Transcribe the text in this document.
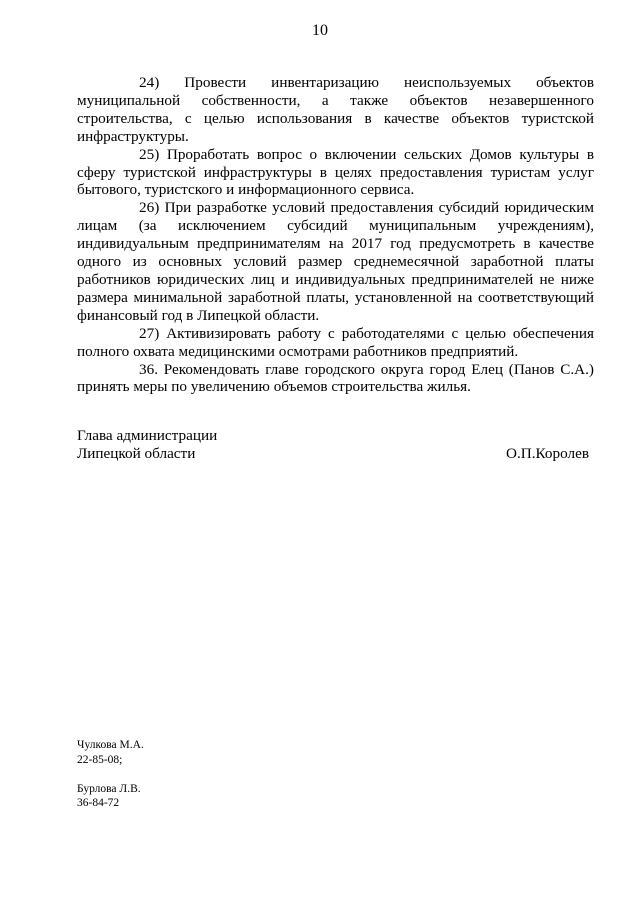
10

24) Провести инвентаризацию неиспользуемых объектов муниципальной собственности, а также объектов незавершенного строительства, с целью использования в качестве объектов туристской инфраструктуры.

25) Проработать вопрос о включении сельских Домов культуры в сферу туристской инфраструктуры в целях предоставления туристам услуг бытового, туристского и информационного сервиса.

26) При разработке условий предоставления субсидий юридическим лицам (за исключением субсидий муниципальным учреждениям), индивидуальным предпринимателям на 2017 год предусмотреть в качестве одного из основных условий размер среднемесячной заработной платы работников юридических лиц и индивидуальных предпринимателей не ниже размера минимальной заработной платы, установленной на соответствующий финансовый год в Липецкой области.

27) Активизировать работу с работодателями с целью обеспечения полного охвата медицинскими осмотрами работников предприятий.

36. Рекомендовать главе городского округа город Елец (Панов С.А.) принять меры по увеличению объемов строительства жилья.

Глава администрации
Липецкой области	О.П.Королев
Чулкова М.А.
22-85-08;
Бурлова Л.В.
36-84-72
